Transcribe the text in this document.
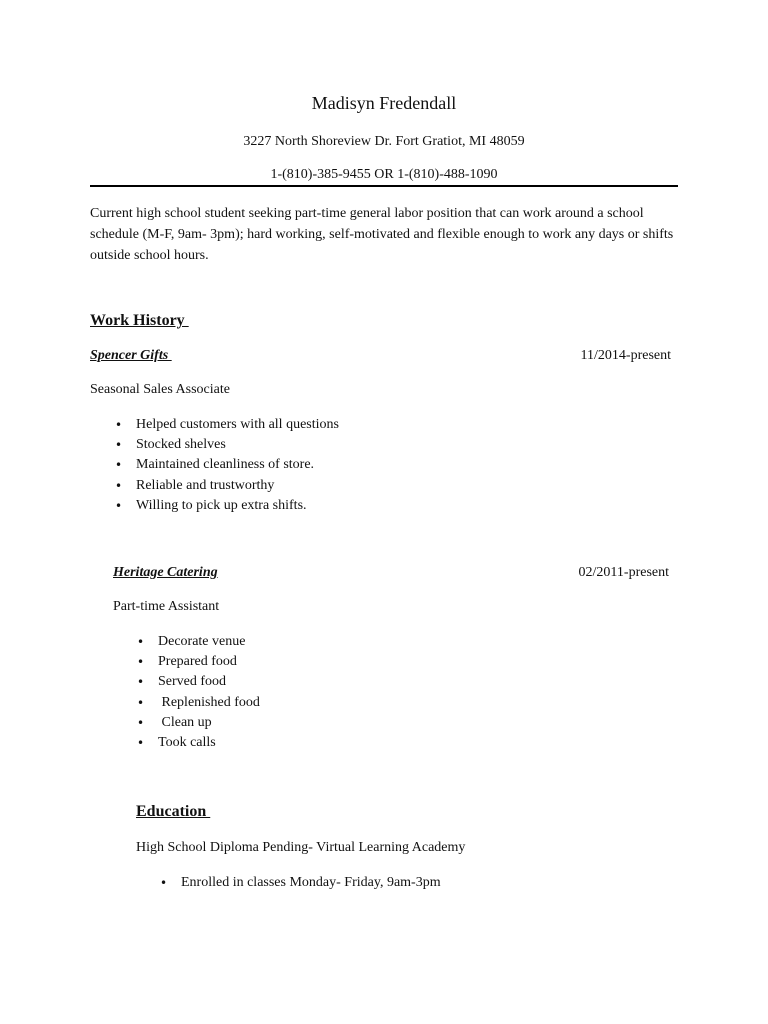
Madisyn Fredendall
3227 North Shoreview Dr. Fort Gratiot, MI 48059
1-(810)-385-9455 OR 1-(810)-488-1090

Current high school student seeking part-time general labor position that can work around a school schedule (M-F, 9am- 3pm); hard working, self-motivated and flexible enough to work any days or shifts outside school hours.

Work History
Spencer Gifts	11/2014-present
Seasonal Sales Associate
• Helped customers with all questions
• Stocked shelves
• Maintained cleanliness of store.
• Reliable and trustworthy
• Willing to pick up extra shifts.
Heritage Catering	02/2011-present
Part-time Assistant
• Decorate venue
• Prepared food
• Served food
•  Replenished food
•  Clean up
• Took calls
Education
High School Diploma Pending- Virtual Learning Academy
• Enrolled in classes Monday- Friday, 9am-3pm
